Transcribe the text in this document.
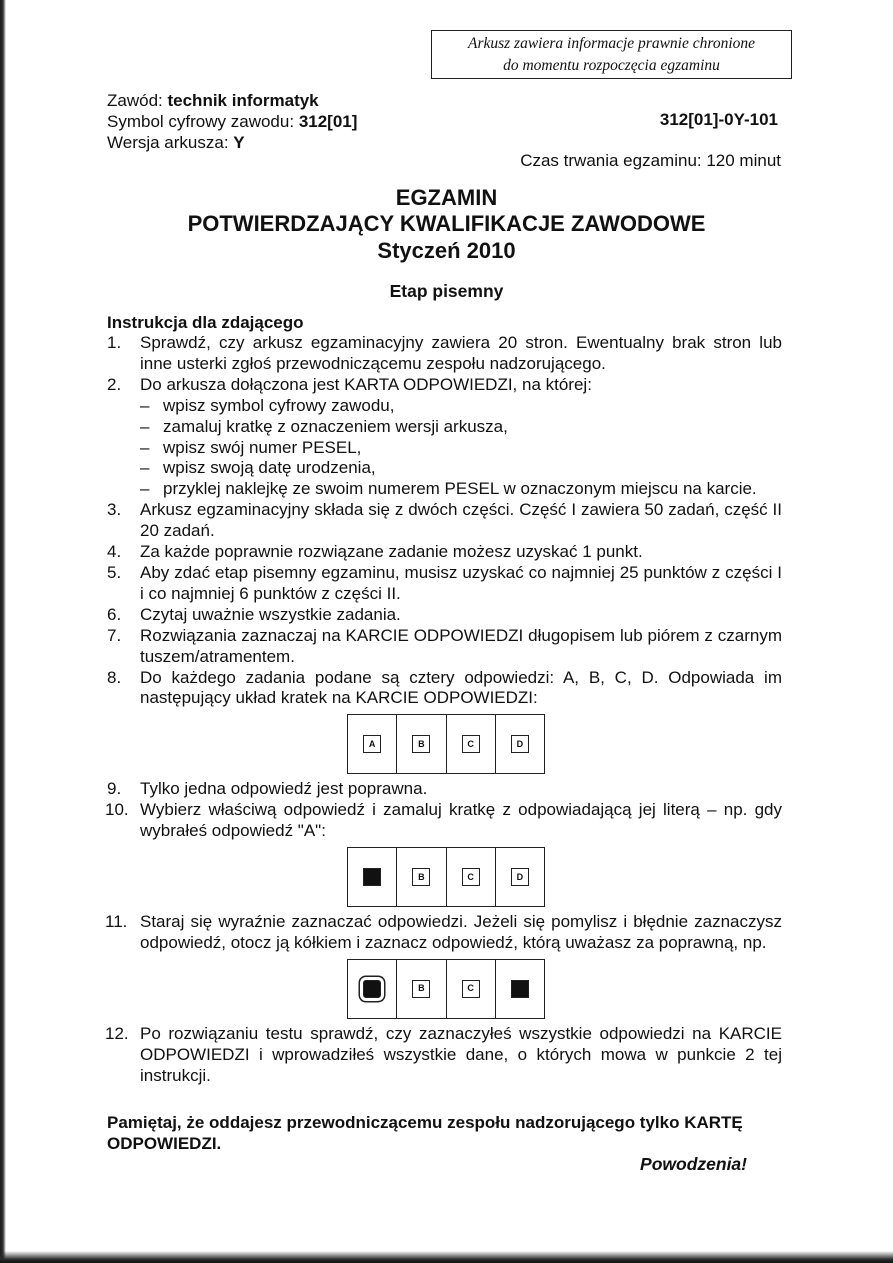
Arkusz zawiera informacje prawnie chronione
do momentu rozpoczęcia egzaminu
Zawód: technik informatyk
Symbol cyfrowy zawodu: 312[01]
Wersja arkusza: Y
312[01]-0Y-101
Czas trwania egzaminu: 120 minut
EGZAMIN
POTWIERDZAJĄCY KWALIFIKACJE ZAWODOWE
Styczeń 2010
Etap pisemny
Instrukcja dla zdającego
1. Sprawdź, czy arkusz egzaminacyjny zawiera 20 stron. Ewentualny brak stron lub inne usterki zgłoś przewodniczącemu zespołu nadzorującego.
2. Do arkusza dołączona jest KARTA ODPOWIEDZI, na której:
– wpisz symbol cyfrowy zawodu,
– zamaluj kratkę z oznaczeniem wersji arkusza,
– wpisz swój numer PESEL,
– wpisz swoją datę urodzenia,
– przyklej naklejkę ze swoim numerem PESEL w oznaczonym miejscu na karcie.
3. Arkusz egzaminacyjny składa się z dwóch części. Część I zawiera 50 zadań, część II 20 zadań.
4. Za każde poprawnie rozwiązane zadanie możesz uzyskać 1 punkt.
5. Aby zdać etap pisemny egzaminu, musisz uzyskać co najmniej 25 punktów z części I i co najmniej 6 punktów z części II.
6. Czytaj uważnie wszystkie zadania.
7. Rozwiązania zaznaczaj na KARCIE ODPOWIEDZI długopisem lub piórem z czarnym tuszem/atramentem.
8. Do każdego zadania podane są cztery odpowiedzi: A, B, C, D. Odpowiada im następujący układ kratek na KARCIE ODPOWIEDZI:
A	B	C	D
9. Tylko jedna odpowiedź jest poprawna.
10. Wybierz właściwą odpowiedź i zamaluj kratkę z odpowiadającą jej literą – np. gdy wybrałeś odpowiedź "A":
A	B	C	D
11. Staraj się wyraźnie zaznaczać odpowiedzi. Jeżeli się pomylisz i błędnie zaznaczysz odpowiedź, otocz ją kółkiem i zaznacz odpowiedź, którą uważasz za poprawną, np.
A	B	C	D
12. Po rozwiązaniu testu sprawdź, czy zaznaczyłeś wszystkie odpowiedzi na KARCIE ODPOWIEDZI i wprowadziłeś wszystkie dane, o których mowa w punkcie 2 tej instrukcji.
Pamiętaj, że oddajesz przewodniczącemu zespołu nadzorującego tylko KARTĘ ODPOWIEDZI.
Powodzenia!
